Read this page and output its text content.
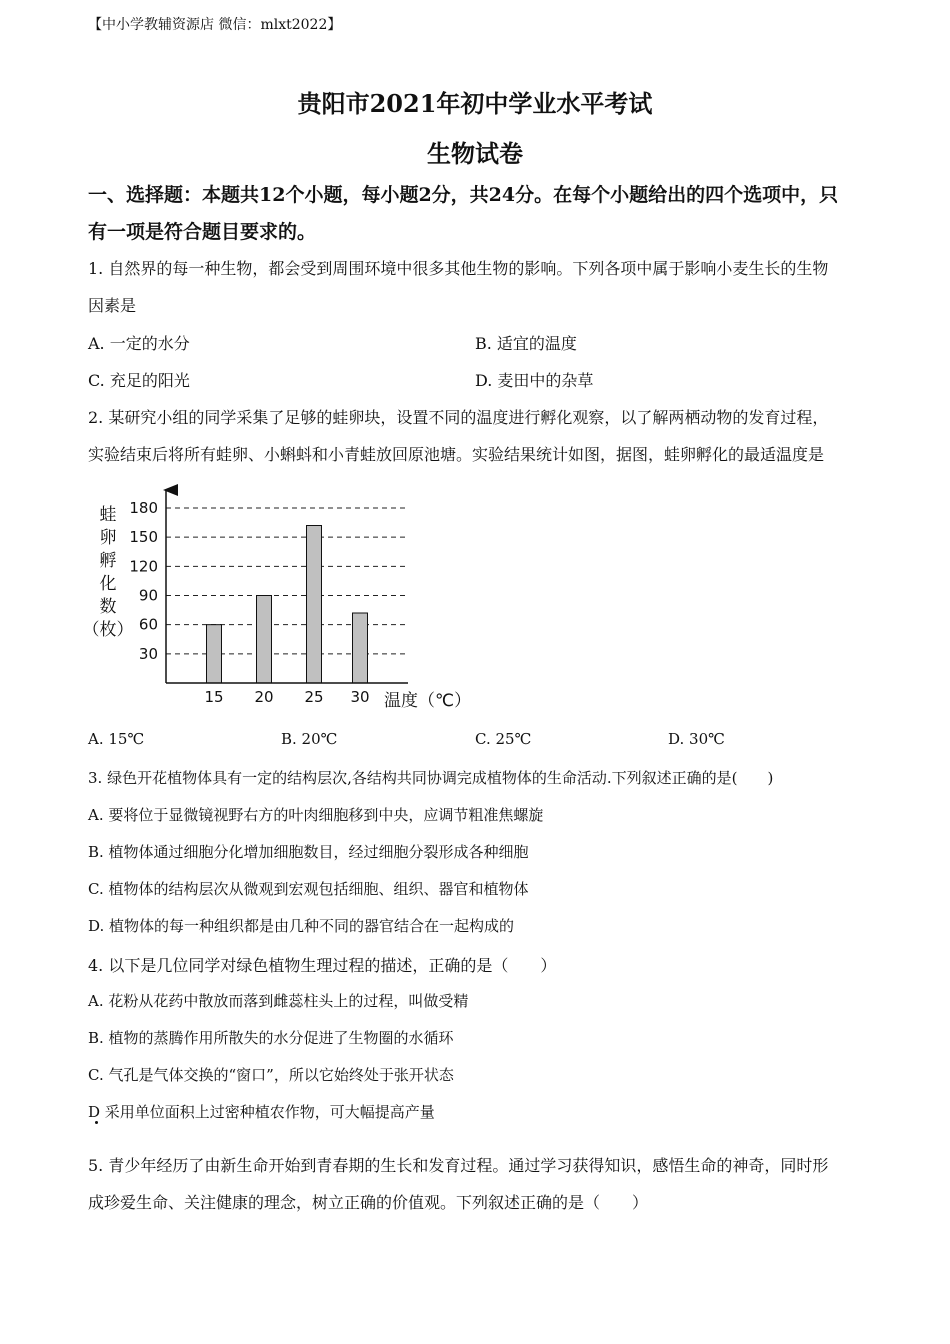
【中小学教辅资源店 微信：mlxt2022】
贵阳市2021年初中学业水平考试
生物试卷
一、选择题：本题共12个小题，每小题2分，共24分。在每个小题给出的四个选项中，只
有一项是符合题目要求的。
1. 自然界的每一种生物，都会受到周围环境中很多其他生物的影响。下列各项中属于影响小麦生长的生物
因素是
A. 一定的水分	B. 适宜的温度
C. 充足的阳光	D. 麦田中的杂草
2. 某研究小组的同学采集了足够的蛙卵块，设置不同的温度进行孵化观察，以了解两栖动物的发育过程，
实验结束后将所有蛙卵、小蝌蚪和小青蛙放回原池塘。实验结果统计如图，据图，蛙卵孵化的最适温度是
蛙
卵
孵
化
数
（枚）
30
60
90
120
150
180
15 20 25 30 温度（℃）
A. 15℃	B. 20℃	C. 25℃	D. 30℃
3. 绿色开花植物体具有一定的结构层次,各结构共同协调完成植物体的生命活动.下列叙述正确的是(　　)
A. 要将位于显微镜视野右方的叶肉细胞移到中央，应调节粗准焦螺旋
B. 植物体通过细胞分化增加细胞数目，经过细胞分裂形成各种细胞
C. 植物体的结构层次从微观到宏观包括细胞、组织、器官和植物体
D. 植物体的每一种组织都是由几种不同的器官结合在一起构成的
4. 以下是几位同学对绿色植物生理过程的描述，正确的是（　　）
A. 花粉从花药中散放而落到雌蕊柱头上的过程，叫做受精
B. 植物的蒸腾作用所散失的水分促进了生物圈的水循环
C. 气孔是气体交换的“窗口”，所以它始终处于张开状态
D 采用单位面积上过密种植农作物，可大幅提高产量
5. 青少年经历了由新生命开始到青春期的生长和发育过程。通过学习获得知识，感悟生命的神奇，同时形
成珍爱生命、关注健康的理念，树立正确的价值观。下列叙述正确的是（　　）
